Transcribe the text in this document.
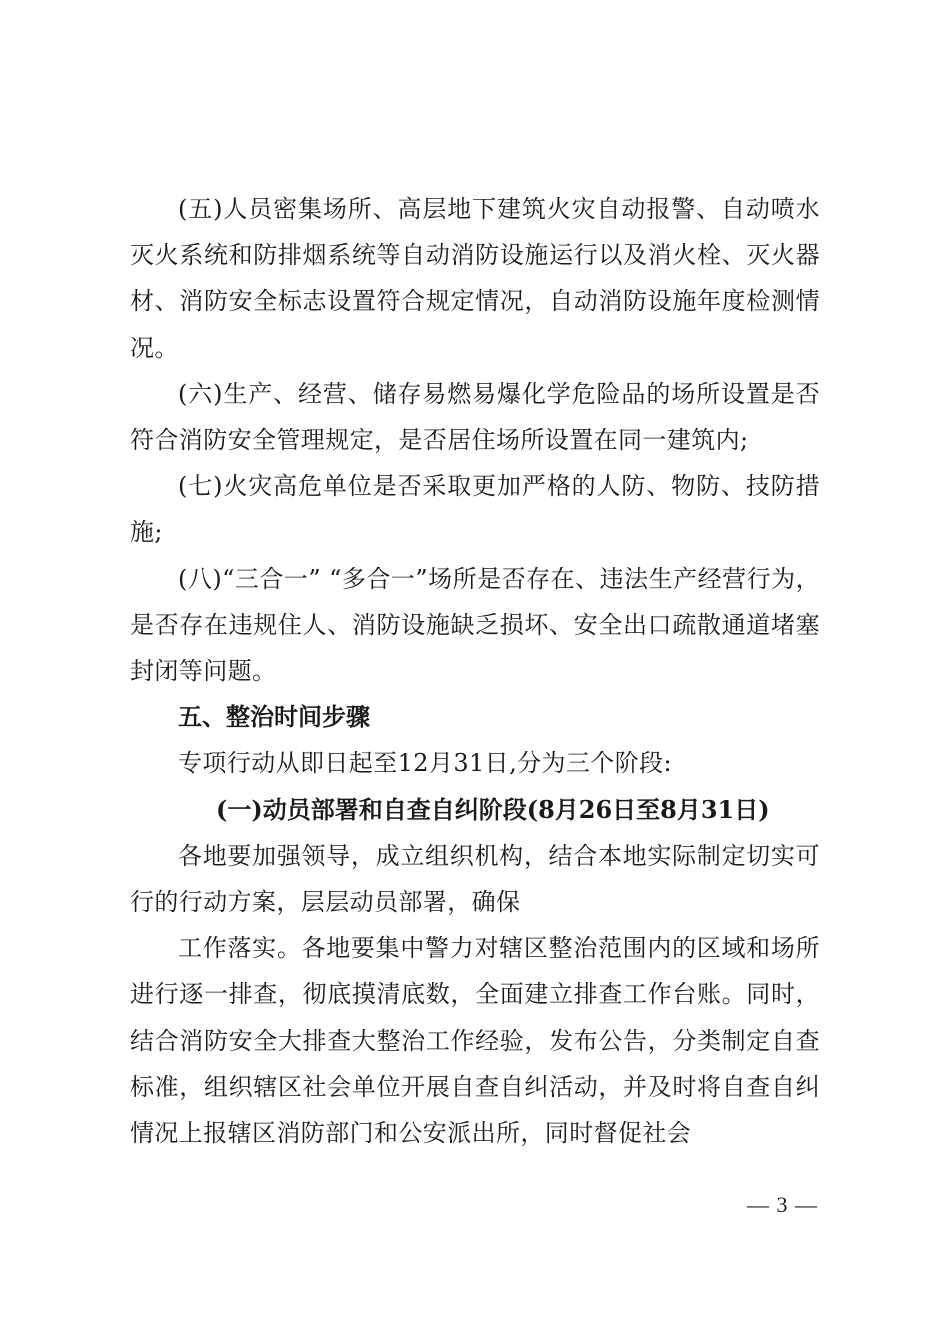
(五)人员密集场所、高层地下建筑火灾自动报警、自动喷水灭火系统和防排烟系统等自动消防设施运行以及消火栓、灭火器材、消防安全标志设置符合规定情况，自动消防设施年度检测情况。

(六)生产、经营、储存易燃易爆化学危险品的场所设置是否符合消防安全管理规定，是否居住场所设置在同一建筑内;

(七)火灾高危单位是否采取更加严格的人防、物防、技防措施;

(八)“三合一” “多合一”场所是否存在、违法生产经营行为，是否存在违规住人、消防设施缺乏损坏、安全出口疏散通道堵塞封闭等问题。

五、整治时间步骤

专项行动从即日起至12月31日,分为三个阶段:

(一)动员部署和自查自纠阶段(8月26日至8月31日)

各地要加强领导，成立组织机构，结合本地实际制定切实可行的行动方案，层层动员部署，确保

工作落实。各地要集中警力对辖区整治范围内的区域和场所进行逐一排查，彻底摸清底数，全面建立排查工作台账。同时，结合消防安全大排查大整治工作经验，发布公告，分类制定自查标准，组织辖区社会单位开展自查自纠活动，并及时将自查自纠情况上报辖区消防部门和公安派出所，同时督促社会

— 3 —
